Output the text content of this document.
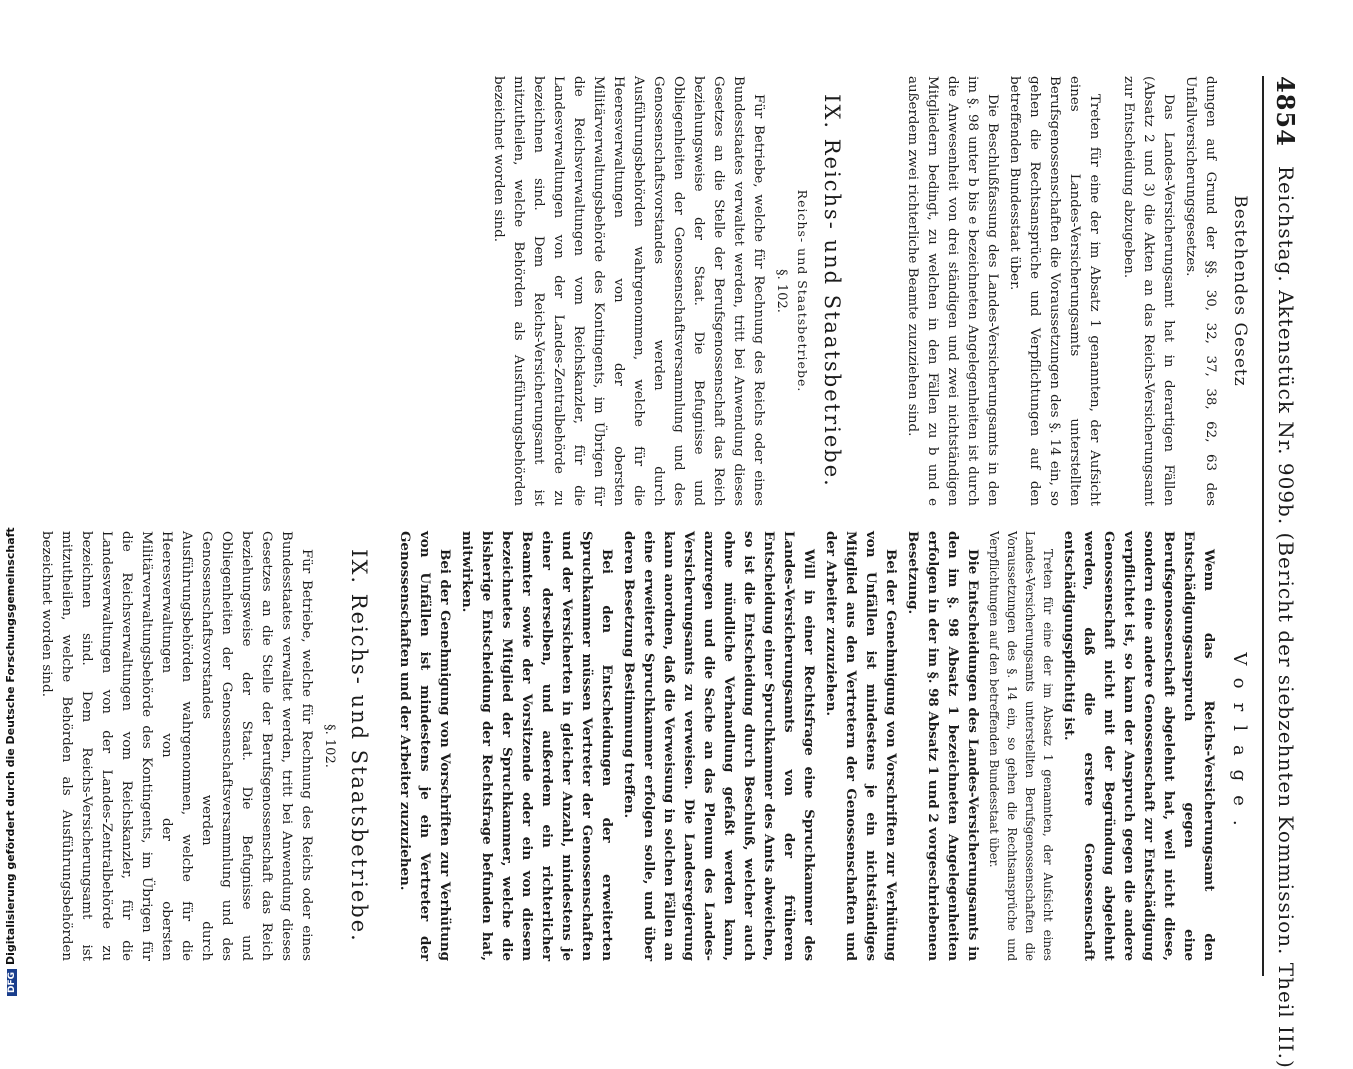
4854
Reichstag. Aktenstück Nr. 909b. (Bericht der siebzehnten Kommission. Theil III.)
Bestehendes Gesetz

dungen auf Grund der §§. 30, 32, 37, 38, 62, 63 des Unfallversicherungsgesetzes.

Das Landes-Versicherungsamt hat in derartigen Fällen (Absatz 2 und 3) die Akten an das Reichs-Versicherungsamt zur Entscheidung abzugeben.

Treten für eine der im Absatz 1 genannten, der Aufsicht eines Landes-Versicherungsamts unterstellten Berufsgenossenschaften die Voraussetzungen des §. 14 ein, so gehen die Rechtsansprüche und Verpflichtungen auf den betreffenden Bundesstaat über.

Die Beschlußfassung des Landes-Versicherungsamts in den im §. 98 unter b bis e bezeichneten Angelegenheiten ist durch die Anwesenheit von drei ständigen und zwei nichtständigen Mitgliedern bedingt, zu welchen in den Fällen zu b und e außerdem zwei richterliche Beamte zuzuziehen sind.

IX. Reichs- und Staatsbetriebe.
Reichs- und Staatsbetriebe.
§. 102.

Für Betriebe, welche für Rechnung des Reichs oder eines Bundesstaates verwaltet werden, tritt bei Anwendung dieses Gesetzes an die Stelle der Berufsgenossenschaft das Reich beziehungsweise der Staat. Die Befugnisse und Obliegenheiten der Genossenschaftsversammlung und des Genossenschaftsvorstandes werden durch Ausführungsbehörden wahrgenommen, welche für die Heeresverwaltungen von der obersten Militärverwaltungsbehörde des Kontingents, im Übrigen für die Reichsverwaltungen vom Reichskanzler, für die Landesverwaltungen von der Landes-Zentralbehörde zu bezeichnen sind. Dem Reichs-Versicherungsamt ist mitzutheilen, welche Behörden als Ausführungsbehörden bezeichnet worden sind.

Vorlage.

Wenn das Reichs-Versicherungsamt den Entschädigungsanspruch gegen eine Berufsgenossenschaft abgelehnt hat, weil nicht diese, sondern eine andere Genossenschaft zur Entschädigung verpflichtet ist, so kann der Anspruch gegen die andere Genossenschaft nicht mit der Begründung abgelehnt werden, daß die erstere Genossenschaft entschädigungspflichtig ist.

Treten für eine der im Absatz 1 genannten, der Aufsicht eines Landes-Versicherungsamts unterstellten Berufsgenossenschaften die Voraussetzungen des §. 14 ein, so gehen die Rechtsansprüche und Verpflichtungen auf den betreffenden Bundesstaat über.

Die Entscheidungen des Landes-Versicherungsamts in den im §. 98 Absatz 1 bezeichneten Angelegenheiten erfolgen in der im §. 98 Absatz 1 und 2 vorgeschriebenen Besetzung.

Bei der Genehmigung von Vorschriften zur Verhütung von Unfällen ist mindestens je ein nichtständiges Mitglied aus den Vertretern der Genossenschaften und der Arbeiter zuzuziehen.

Will in einer Rechtsfrage eine Spruchkammer des Landes-Versicherungsamts von der früheren Entscheidung einer Spruchkammer des Amts abweichen, so ist die Entscheidung durch Beschluß, welcher auch ohne mündliche Verhandlung gefaßt werden kann, anzuregen und die Sache an das Plenum des Landes-Versicherungsamts zu verweisen. Die Landesregierung kann anordnen, daß die Verweisung in solchen Fällen an eine erweiterte Spruchkammer erfolgen solle, und über deren Besetzung Bestimmung treffen.

Bei den Entscheidungen der erweiterten Spruchkammer müssen Vertreter der Genossenschaften und der Versicherten in gleicher Anzahl, mindestens je einer derselben, und außerdem ein richterlicher Beamter sowie der Vorsitzende oder ein von diesem bezeichnetes Mitglied der Spruchkammer, welche die bisherige Entscheidung der Rechtsfrage befunden hat, mitwirken.

Bei der Genehmigung von Vorschriften zur Verhütung von Unfällen ist mindestens je ein Vertreter der Genossenschaften und der Arbeiter zuzuziehen.

IX. Reichs- und Staatsbetriebe.
§. 102.

Für Betriebe, welche für Rechnung des Reichs oder eines Bundesstaates verwaltet werden, tritt bei Anwendung dieses Gesetzes an die Stelle der Berufsgenossenschaft das Reich beziehungsweise der Staat. Die Befugnisse und Obliegenheiten der Genossenschaftsversammlung und des Genossenschaftsvorstandes werden durch Ausführungsbehörden wahrgenommen, welche für die Heeresverwaltungen von der obersten Militärverwaltungsbehörde des Kontingents, im Übrigen für die Reichsverwaltungen vom Reichskanzler, für die Landesverwaltungen von der Landes-Zentralbehörde zu bezeichnen sind. Dem Reichs-Versicherungsamt ist mitzutheilen, welche Behörden als Ausführungsbehörden bezeichnet worden sind.

DFGDigitalisierung gefördert durch die Deutsche Forschungsgemeinschaft
